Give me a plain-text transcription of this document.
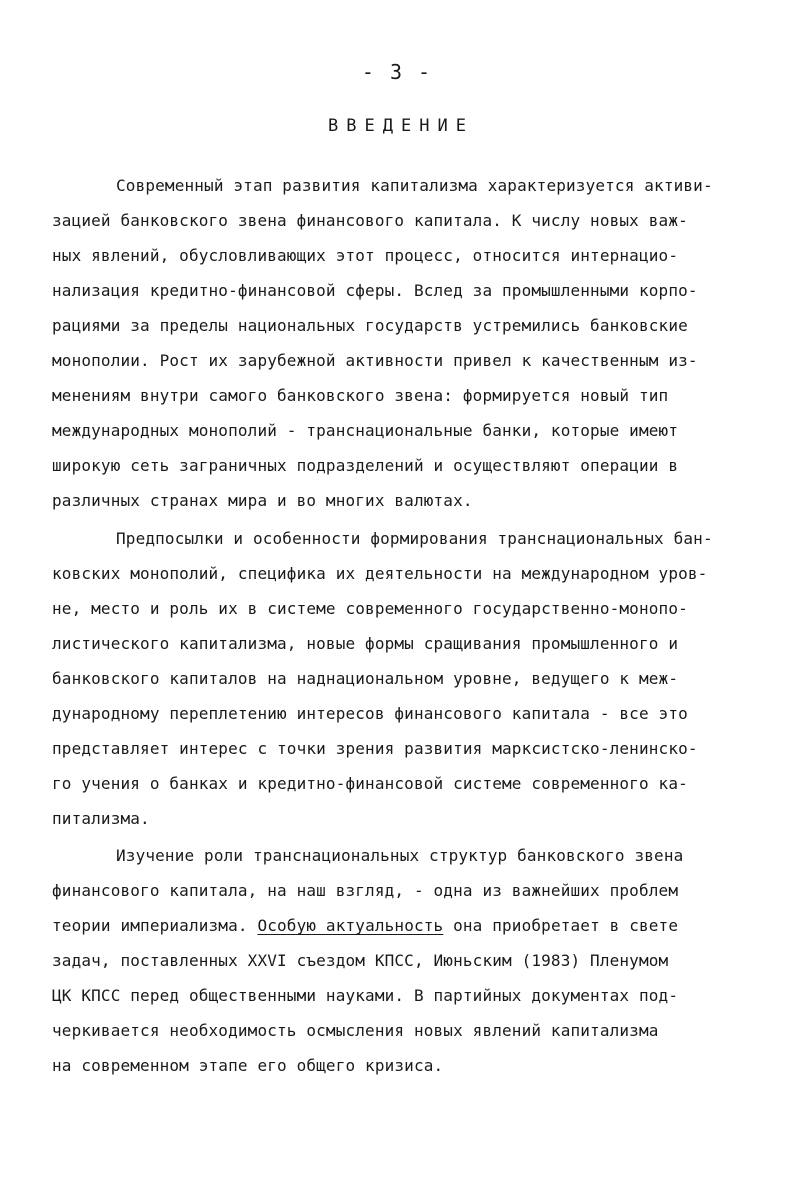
- 3 -
ВВЕДЕНИЕ
Современный этап развития капитализма характеризуется активи-
зацией банковского звена финансового капитала. К числу новых важ-
ных явлений, обусловливающих этот процесс, относится интернацио-
нализация кредитно-финансовой сферы. Вслед за промышленными корпо-
рациями за пределы национальных государств устремились банковские
монополии. Рост их зарубежной активности привел к качественным из-
менениям внутри самого банковского звена: формируется новый тип
международных монополий - транснациональные банки, которые имеют
широкую сеть заграничных подразделений и осуществляют операции в
различных странах мира и во многих валютах.
Предпосылки и особенности формирования транснациональных бан-
ковских монополий, специфика их деятельности на международном уров-
не, место и роль их в системе современного государственно-монопо-
листического капитализма, новые формы сращивания промышленного и
банковского капиталов на наднациональном уровне, ведущего к меж-
дународному переплетению интересов финансового капитала - все это
представляет интерес с точки зрения развития марксистско-ленинско-
го учения о банках и кредитно-финансовой системе современного ка-
питализма.
Изучение роли транснациональных структур банковского звена
финансового капитала, на наш взгляд, - одна из важнейших проблем
теории империализма. Особую актуальность она приобретает в свете
задач, поставленных XXVI съездом КПСС, Июньским (1983) Пленумом
ЦК КПСС перед общественными науками. В партийных документах под-
черкивается необходимость осмысления новых явлений капитализма
на современном этапе его общего кризиса.
